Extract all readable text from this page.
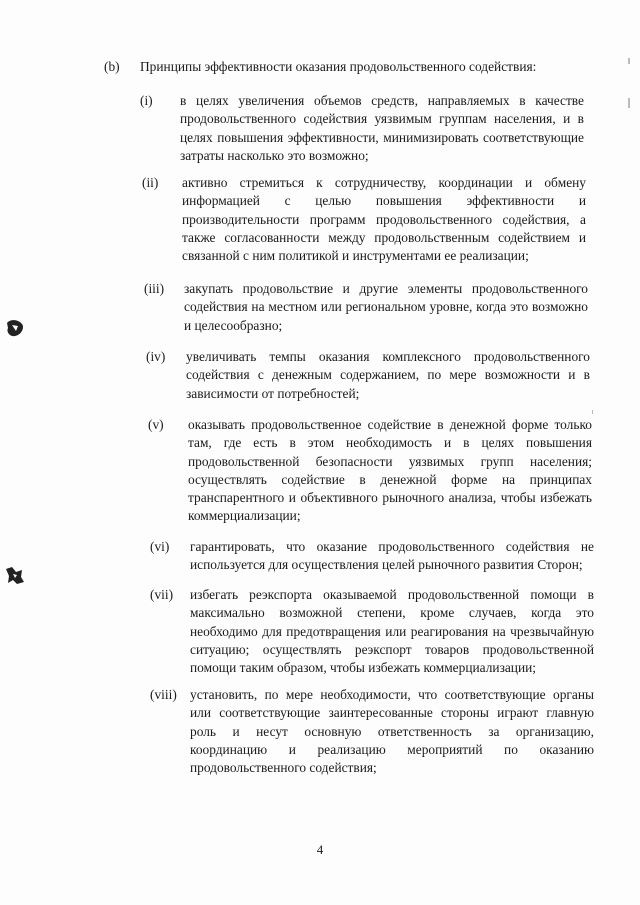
(b)	Принципы эффективности оказания продовольственного содействия:
(i)	в целях увеличения объемов средств, направляемых в качестве продовольственного содействия уязвимым группам населения, и в целях повышения эффективности, минимизировать соответствующие затраты насколько это возможно;
(ii)	активно стремиться к сотрудничеству, координации и обмену информацией с целью повышения эффективности и производительности программ продовольственного содействия, а также согласованности между продовольственным содействием и связанной с ним политикой и инструментами ее реализации;
(iii)	закупать продовольствие и другие элементы продовольственного содействия на местном или региональном уровне, когда это возможно и целесообразно;
(iv)	увеличивать темпы оказания комплексного продовольственного содействия с денежным содержанием, по мере возможности и в зависимости от потребностей;
(v)	оказывать продовольственное содействие в денежной форме только там, где есть в этом необходимость и в целях повышения продовольственной безопасности уязвимых групп населения; осуществлять содействие в денежной форме на принципах транспарентного и объективного рыночного анализа, чтобы избежать коммерциализации;
(vi)	гарантировать, что оказание продовольственного содействия не используется для осуществления целей рыночного развития Сторон;
(vii)	избегать реэкспорта оказываемой продовольственной помощи в максимально возможной степени, кроме случаев, когда это необходимо для предотвращения или реагирования на чрезвычайную ситуацию; осуществлять реэкспорт товаров продовольственной помощи таким образом, чтобы избежать коммерциализации;
(viii) установить, по мере необходимости, что соответствующие органы или соответствующие заинтересованные стороны играют главную роль и несут основную ответственность за организацию, координацию и реализацию мероприятий по оказанию продовольственного содействия;
4
